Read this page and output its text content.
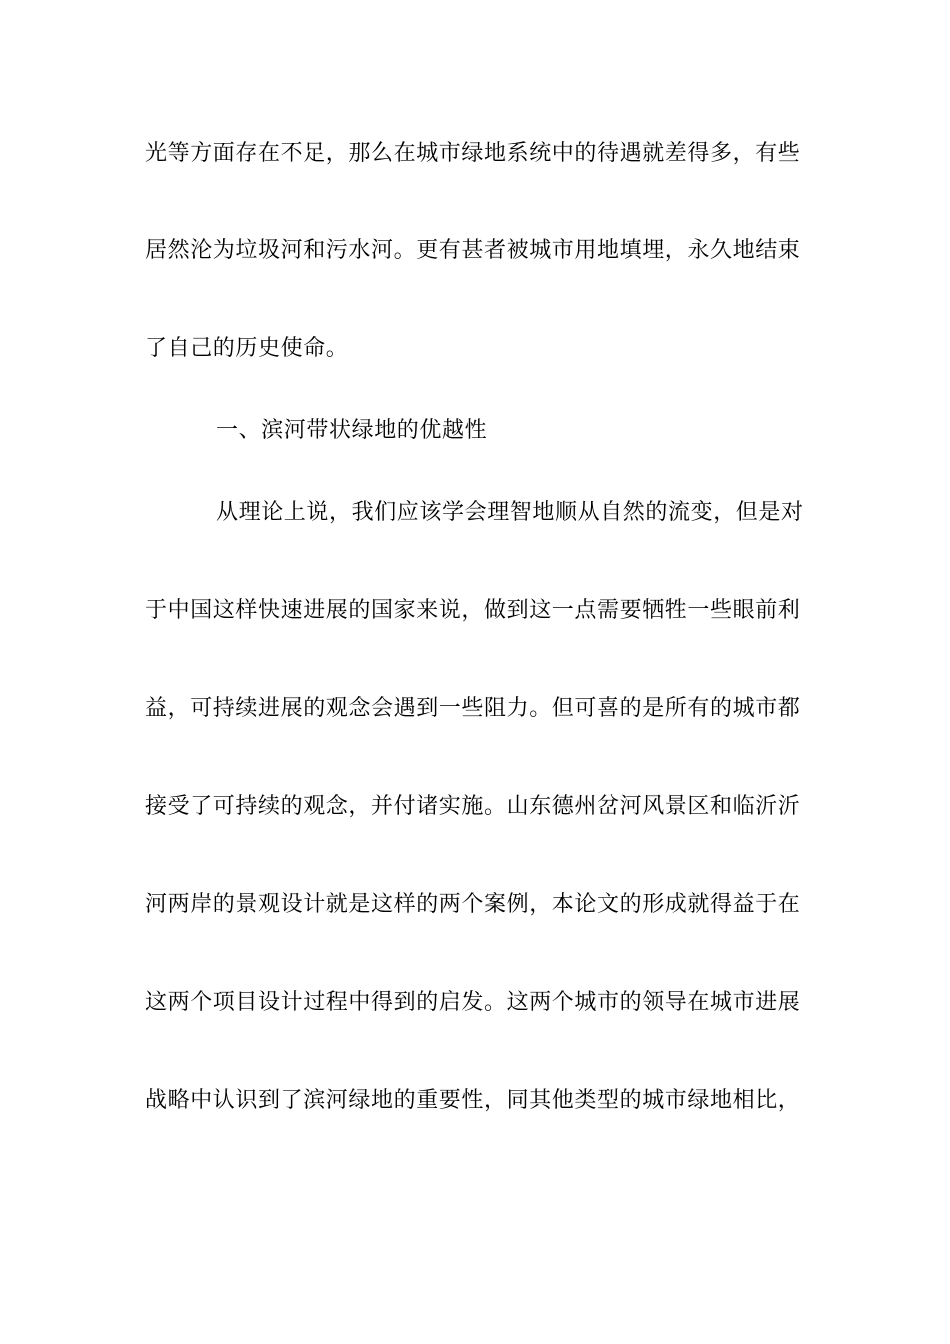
光等方面存在不足，那么在城市绿地系统中的待遇就差得多，有些
居然沦为垃圾河和污水河。更有甚者被城市用地填埋，永久地结束
了自己的历史使命。
一、滨河带状绿地的优越性
从理论上说，我们应该学会理智地顺从自然的流变，但是对
于中国这样快速进展的国家来说，做到这一点需要牺牲一些眼前利
益，可持续进展的观念会遇到一些阻力。但可喜的是所有的城市都
接受了可持续的观念，并付诸实施。山东德州岔河风景区和临沂沂
河两岸的景观设计就是这样的两个案例，本论文的形成就得益于在
这两个项目设计过程中得到的启发。这两个城市的领导在城市进展
战略中认识到了滨河绿地的重要性，同其他类型的城市绿地相比，
